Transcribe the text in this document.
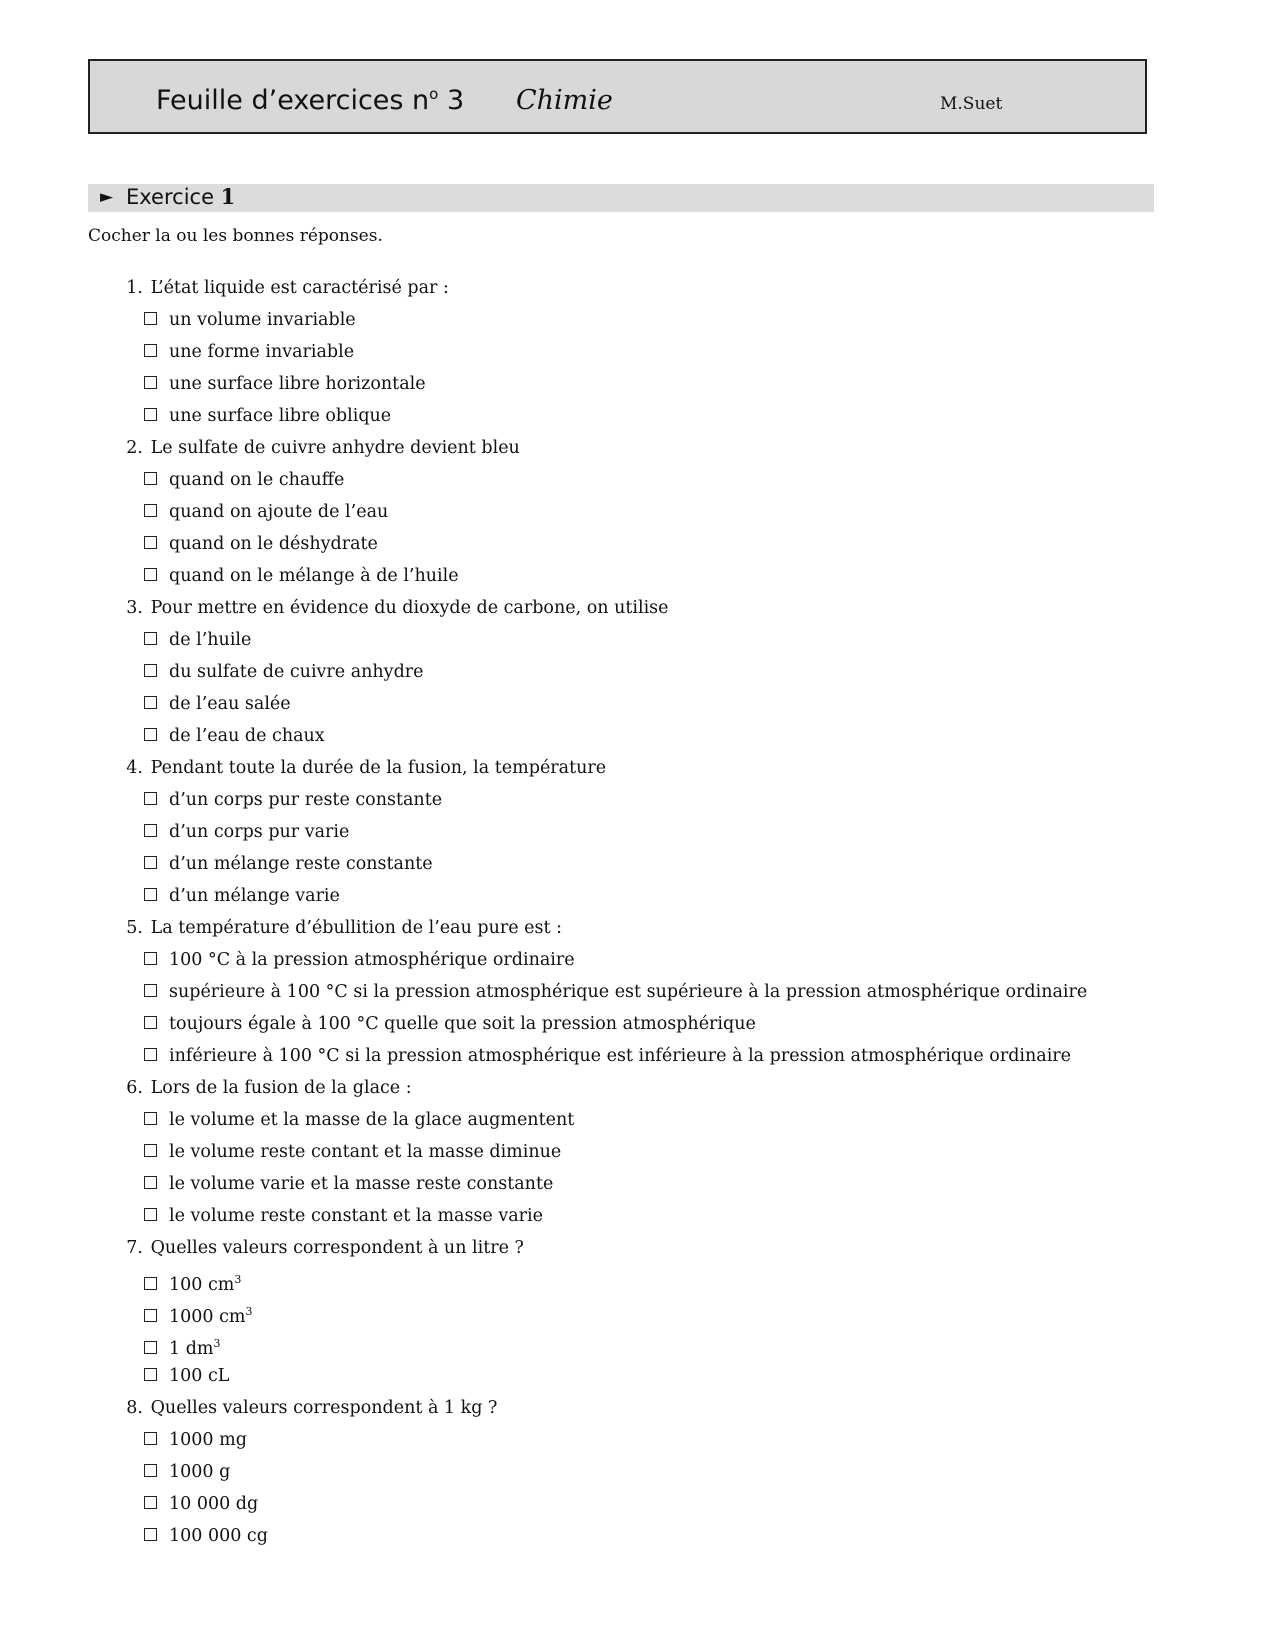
Feuille d’exercices $n^o$ 3 Chimie	M.Suet
► Exercice 1
Cocher la ou les bonnes réponses.
1. L’état liquide est caractérisé par :
un volume invariable
une forme invariable
une surface libre horizontale
une surface libre oblique
2. Le sulfate de cuivre anhydre devient bleu
quand on le chauffe
quand on ajoute de l’eau
quand on le déshydrate
quand on le mélange à de l’huile
3. Pour mettre en évidence du dioxyde de carbone, on utilise
de l’huile
du sulfate de cuivre anhydre
de l’eau salée
de l’eau de chaux
4. Pendant toute la durée de la fusion, la température
d’un corps pur reste constante
d’un corps pur varie
d’un mélange reste constante
d’un mélange varie
5. La température d’ébullition de l’eau pure est :
100 °C à la pression atmosphérique ordinaire
supérieure à 100 °C si la pression atmosphérique est supérieure à la pression atmosphérique ordinaire
toujours égale à 100 °C quelle que soit la pression atmosphérique
inférieure à 100 °C si la pression atmosphérique est inférieure à la pression atmosphérique ordinaire
6. Lors de la fusion de la glace :
le volume et la masse de la glace augmentent
le volume reste contant et la masse diminue
le volume varie et la masse reste constante
le volume reste constant et la masse varie
7. Quelles valeurs correspondent à un litre ?
100 $cm^3$
1000 $cm^3$
1 $dm^3$
100 cL
8. Quelles valeurs correspondent à 1 kg ?
1000 mg
1000 g
10 000 dg
100 000 cg
